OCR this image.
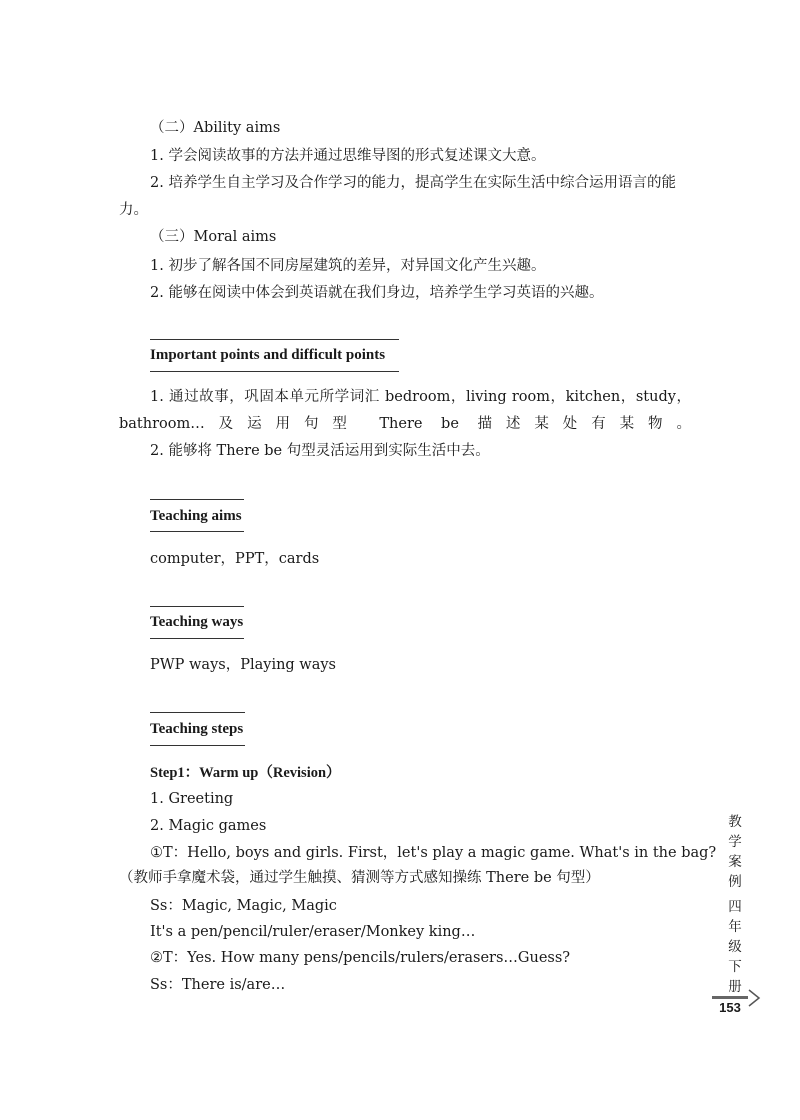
（二）Ability aims
1. 学会阅读故事的方法并通过思维导图的形式复述课文大意。
2. 培养学生自主学习及合作学习的能力，提高学生在实际生活中综合运用语言的能力。
（三）Moral aims
1. 初步了解各国不同房屋建筑的差异，对异国文化产生兴趣。
2. 能够在阅读中体会到英语就在我们身边，培养学生学习英语的兴趣。
Important points and difficult points
1. 通过故事，巩固本单元所学词汇 bedroom，living room，kitchen，study，bathroom…及运用句型 There be 描述某处有某物。
2. 能够将 There be 句型灵活运用到实际生活中去。
Teaching aims
computer，PPT，cards
Teaching ways
PWP ways，Playing ways
Teaching steps
Step1：Warm up（Revision）
1. Greeting
2. Magic games
①T：Hello, boys and girls. First，let's play a magic game. What's in the bag?
（教师手拿魔术袋，通过学生触摸、猜测等方式感知操练 There be 句型）
Ss：Magic, Magic, Magic
It's a pen/pencil/ruler/eraser/Monkey king…
②T：Yes. How many pens/pencils/rulers/erasers…Guess?
Ss：There is/are…
教
学
案
例
四
年
级
下
册
153
